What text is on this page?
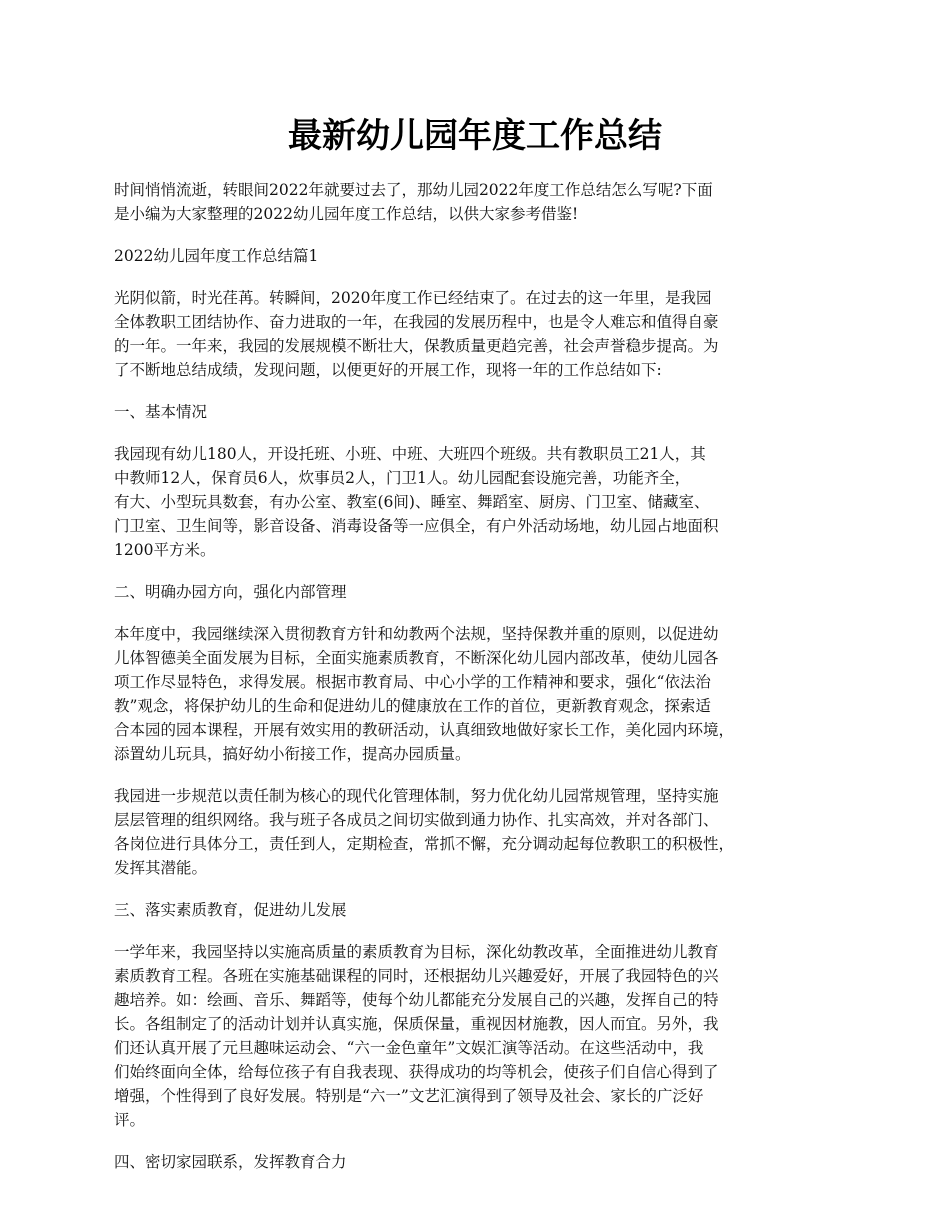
最新幼儿园年度工作总结

时间悄悄流逝，转眼间2022年就要过去了，那幼儿园2022年度工作总结怎么写呢?下面
是小编为大家整理的2022幼儿园年度工作总结，以供大家参考借鉴!

2022幼儿园年度工作总结篇1

光阴似箭，时光荏苒。转瞬间，2020年度工作已经结束了。在过去的这一年里，是我园
全体教职工团结协作、奋力进取的一年，在我园的发展历程中，也是令人难忘和值得自豪
的一年。一年来，我园的发展规模不断壮大，保教质量更趋完善，社会声誉稳步提高。为
了不断地总结成绩，发现问题，以便更好的开展工作，现将一年的工作总结如下:

一、基本情况

我园现有幼儿180人，开设托班、小班、中班、大班四个班级。共有教职员工21人，其
中教师12人，保育员6人，炊事员2人，门卫1人。幼儿园配套设施完善，功能齐全，
有大、小型玩具数套，有办公室、教室(6间)、睡室、舞蹈室、厨房、门卫室、储藏室、
门卫室、卫生间等，影音设备、消毒设备等一应俱全，有户外活动场地，幼儿园占地面积
1200平方米。

二、明确办园方向，强化内部管理

本年度中，我园继续深入贯彻教育方针和幼教两个法规，坚持保教并重的原则，以促进幼
儿体智德美全面发展为目标，全面实施素质教育，不断深化幼儿园内部改革，使幼儿园各
项工作尽显特色，求得发展。根据市教育局、中心小学的工作精神和要求，强化“依法治
教”观念，将保护幼儿的生命和促进幼儿的健康放在工作的首位，更新教育观念，探索适
合本园的园本课程，开展有效实用的教研活动，认真细致地做好家长工作，美化园内环境，
添置幼儿玩具，搞好幼小衔接工作，提高办园质量。

我园进一步规范以责任制为核心的现代化管理体制，努力优化幼儿园常规管理，坚持实施
层层管理的组织网络。我与班子各成员之间切实做到通力协作、扎实高效，并对各部门、
各岗位进行具体分工，责任到人，定期检查，常抓不懈，充分调动起每位教职工的积极性，
发挥其潜能。

三、落实素质教育，促进幼儿发展

一学年来，我园坚持以实施高质量的素质教育为目标，深化幼教改革，全面推进幼儿教育
素质教育工程。各班在实施基础课程的同时，还根据幼儿兴趣爱好，开展了我园特色的兴
趣培养。如：绘画、音乐、舞蹈等，使每个幼儿都能充分发展自己的兴趣，发挥自己的特
长。各组制定了的活动计划并认真实施，保质保量，重视因材施教，因人而宜。另外，我
们还认真开展了元旦趣味运动会、“六一金色童年”文娱汇演等活动。在这些活动中，我
们始终面向全体，给每位孩子有自我表现、获得成功的均等机会，使孩子们自信心得到了
增强，个性得到了良好发展。特别是“六一”文艺汇演得到了领导及社会、家长的广泛好
评。

四、密切家园联系，发挥教育合力
